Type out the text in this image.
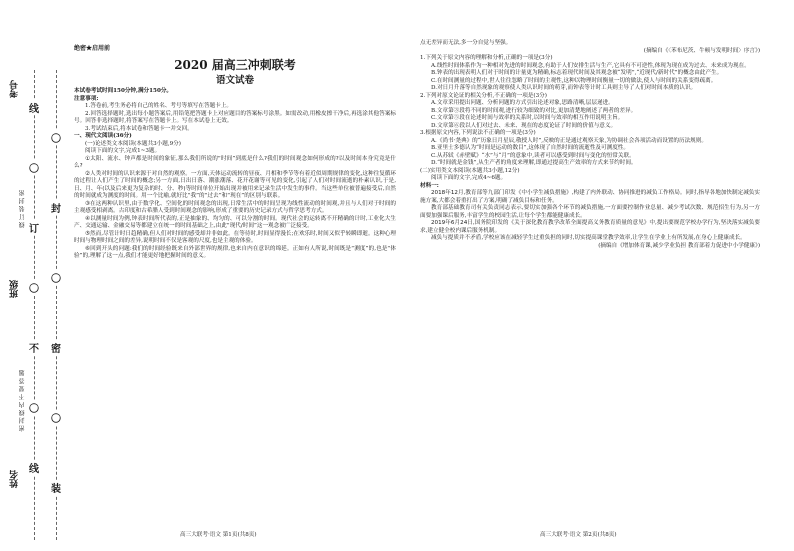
考号
班级
姓名
线
〇
订
〇
不
〇
线
〇
封
〇
密
〇
装
密 封 线 内 不 要 答 题
线 订 装 封 密
绝密★启用前
2020 届高三冲刺联考
语文试卷

本试卷考试时间150分钟,满分150分。

注意事项:

1.答卷前,考生务必将自己的姓名、考号等填写在答题卡上。

2.回答选择题时,选出每小题答案后,用铅笔把答题卡上对应题目的答案标号涂黑。如需改动,用橡皮擦干净后,再选涂其他答案标号。回答非选择题时,将答案写在答题卡上。写在本试卷上无效。

3.考试结束后,将本试卷和答题卡一并交回。

一、现代文阅读(36分)

(一)论述类文本阅读(本题共3小题,9分)

阅读下面的文字,完成1~3题。

①太阳、流水、钟声都是时间的象征,那么我们所说的“时间”到底是什么?我们的时间观念如何形成的?以及时间本身究竟是什么?

②人类对时间的认识来源于对自然的观察。一方面,天体运动流转的昼夜、月相和季节等有着近似周期规律的变化,这种往复循环的过程让人们产生了时间的概念;另一方面,日出日落、潮涨潮落、花开花谢等可见的变化,引起了人们对时间流逝的朴素认识,于是,日、月、年(以及后来更为复杂的时、分、秒)等时间单位开始出现并被用来记录生活中发生的事件。当这些单位被普遍接受后,自然的时间就成为测度的时间。用一个比喻,就好比“我”的“过去”和“现在”的区别与联系。

③在这两种认识里,由于数学化、空间化的时间观念的出现,日常生活中的时间呈现为线性流动的时间观,并且与人们对于时间的主观感受相剥离。古印度和古希腊人受到时间观念的影响,形成了重要的历史记录方式与哲学思考方式。

④以测量时间为例,钟表时间所代表的,正是抽象的、均匀的、可以分割的时间。现代社会的运转离不开精确的计时,工业化大生产、交通运输、金融交易等都建立在统一的时间基础之上,由此“现代/时间”这一观念被广泛接受。

⑤然而,尽管计时日趋精确,但人们对时间的感受却并非如此。在等待时,时间显得漫长;在欢乐时,时间又似乎转瞬即逝。这种心理时间与物理时间之间的差异,说明时间不仅是客观的尺度,也是主观的体验。

⑥回到开头的问题:我们的时间经验既来自外部世界的规律,也来自内在意识的绵延。正如有人所说,时间既是“测度”的,也是“体验”的,理解了这一点,我们才能更好地把握时间的意义。

高三大联考·语文 第1页(共8页)

点无差异而无法,多一分自觉与坚强。

(摘编自《〈苯布尼茨、牛顿与发明时间〉序言》)

1.下列关于原文内容的理解和分析,正确的一项是(3分)

A.线性时间体系作为一种相对先进的时间观念,有助于人们安排生活与生产,它具有不可逆性,体现为现在成为过去、未来成为现在。

B.钟表的出现表明人们对于时间的计量更为精确,标志着现代时间及其观念被“发明”,“近现代/新时代”的概念由此产生。

C.在时间测量的过程中,世人往往忽略了时间的主观性,这种以物理时间衡量一切的做法,使人与时间的关系变得疏离。

D.对日月升落等自然现象的观察使人类认识时间的萌芽,而钟表等计时工具则主导了人们对时间本质的认识。

2.下列对原文论证的相关分析,不正确的一项是(3分)

A.文章采用提出问题、分析问题的方式引出论述对象,思路清晰,层层递进。

B.文章第③段将不同的时间观,进行较为细致的对比,更加清楚地阐述了两者的差异。

C.文章第⑤段在论述时间与效率的关系时,以时间与效率的相互作用说明主旨。

D.文章第⑥段以人们对过去、未来、现在的态度论证了时间的价值与意义。

3.根据原文内容,下列说法不正确的一项是(3分)

A.《尚书·尧典》的“历象日月星辰,敬授人时”,反映的正是通过观察天象,为协调社会各项活动而设置的历法规则。

B.亚里士多德认为“时间是运动的数目”,这体现了自然时间的流逝性及可测度性。

C.从苏轼《赤壁赋》“水”与“月”的意象中,读者可以感受到时间与变化的恒常关联。

D.“时间就是金钱”,从生产者的角度来理解,即通过提高生产效率的方式来节约时间。

(二)实用类文本阅读(本题共3小题,12分)

阅读下面的文字,完成4~6题。

材料一:

2018年12月,教育部等九部门印发《中小学生减负措施》,构建了内外联动、协同推进的减负工作格局。同时,指导各地加快制定减负实施方案,大都会着重打出了方案,明确了减负目标和任务。

教育部基础教育司有关负责同志表示,要切实加强各个环节的减负措施,一方面要控制作业总量、减少考试次数、规范招生行为,另一方面要加强课后服务,丰富学生的校园生活,让每个学生都能健康成长。

2019年6月24日,国务院印发的《关于深化教育教学改革全面提高义务教育质量的意见》中,提出要规范学校办学行为,坚决落实减负要求,建立健全校内课后服务机制。

减负与提质并不矛盾,学校应该在减轻学生过重负担的同时,切实提高课堂教学效率,让学生在学业上有所发展,在身心上健康成长。

(摘编自《增加体育课,减少学业负担 教育部着力促进中小学健康》)

高三大联考·语文 第2页(共8页)
